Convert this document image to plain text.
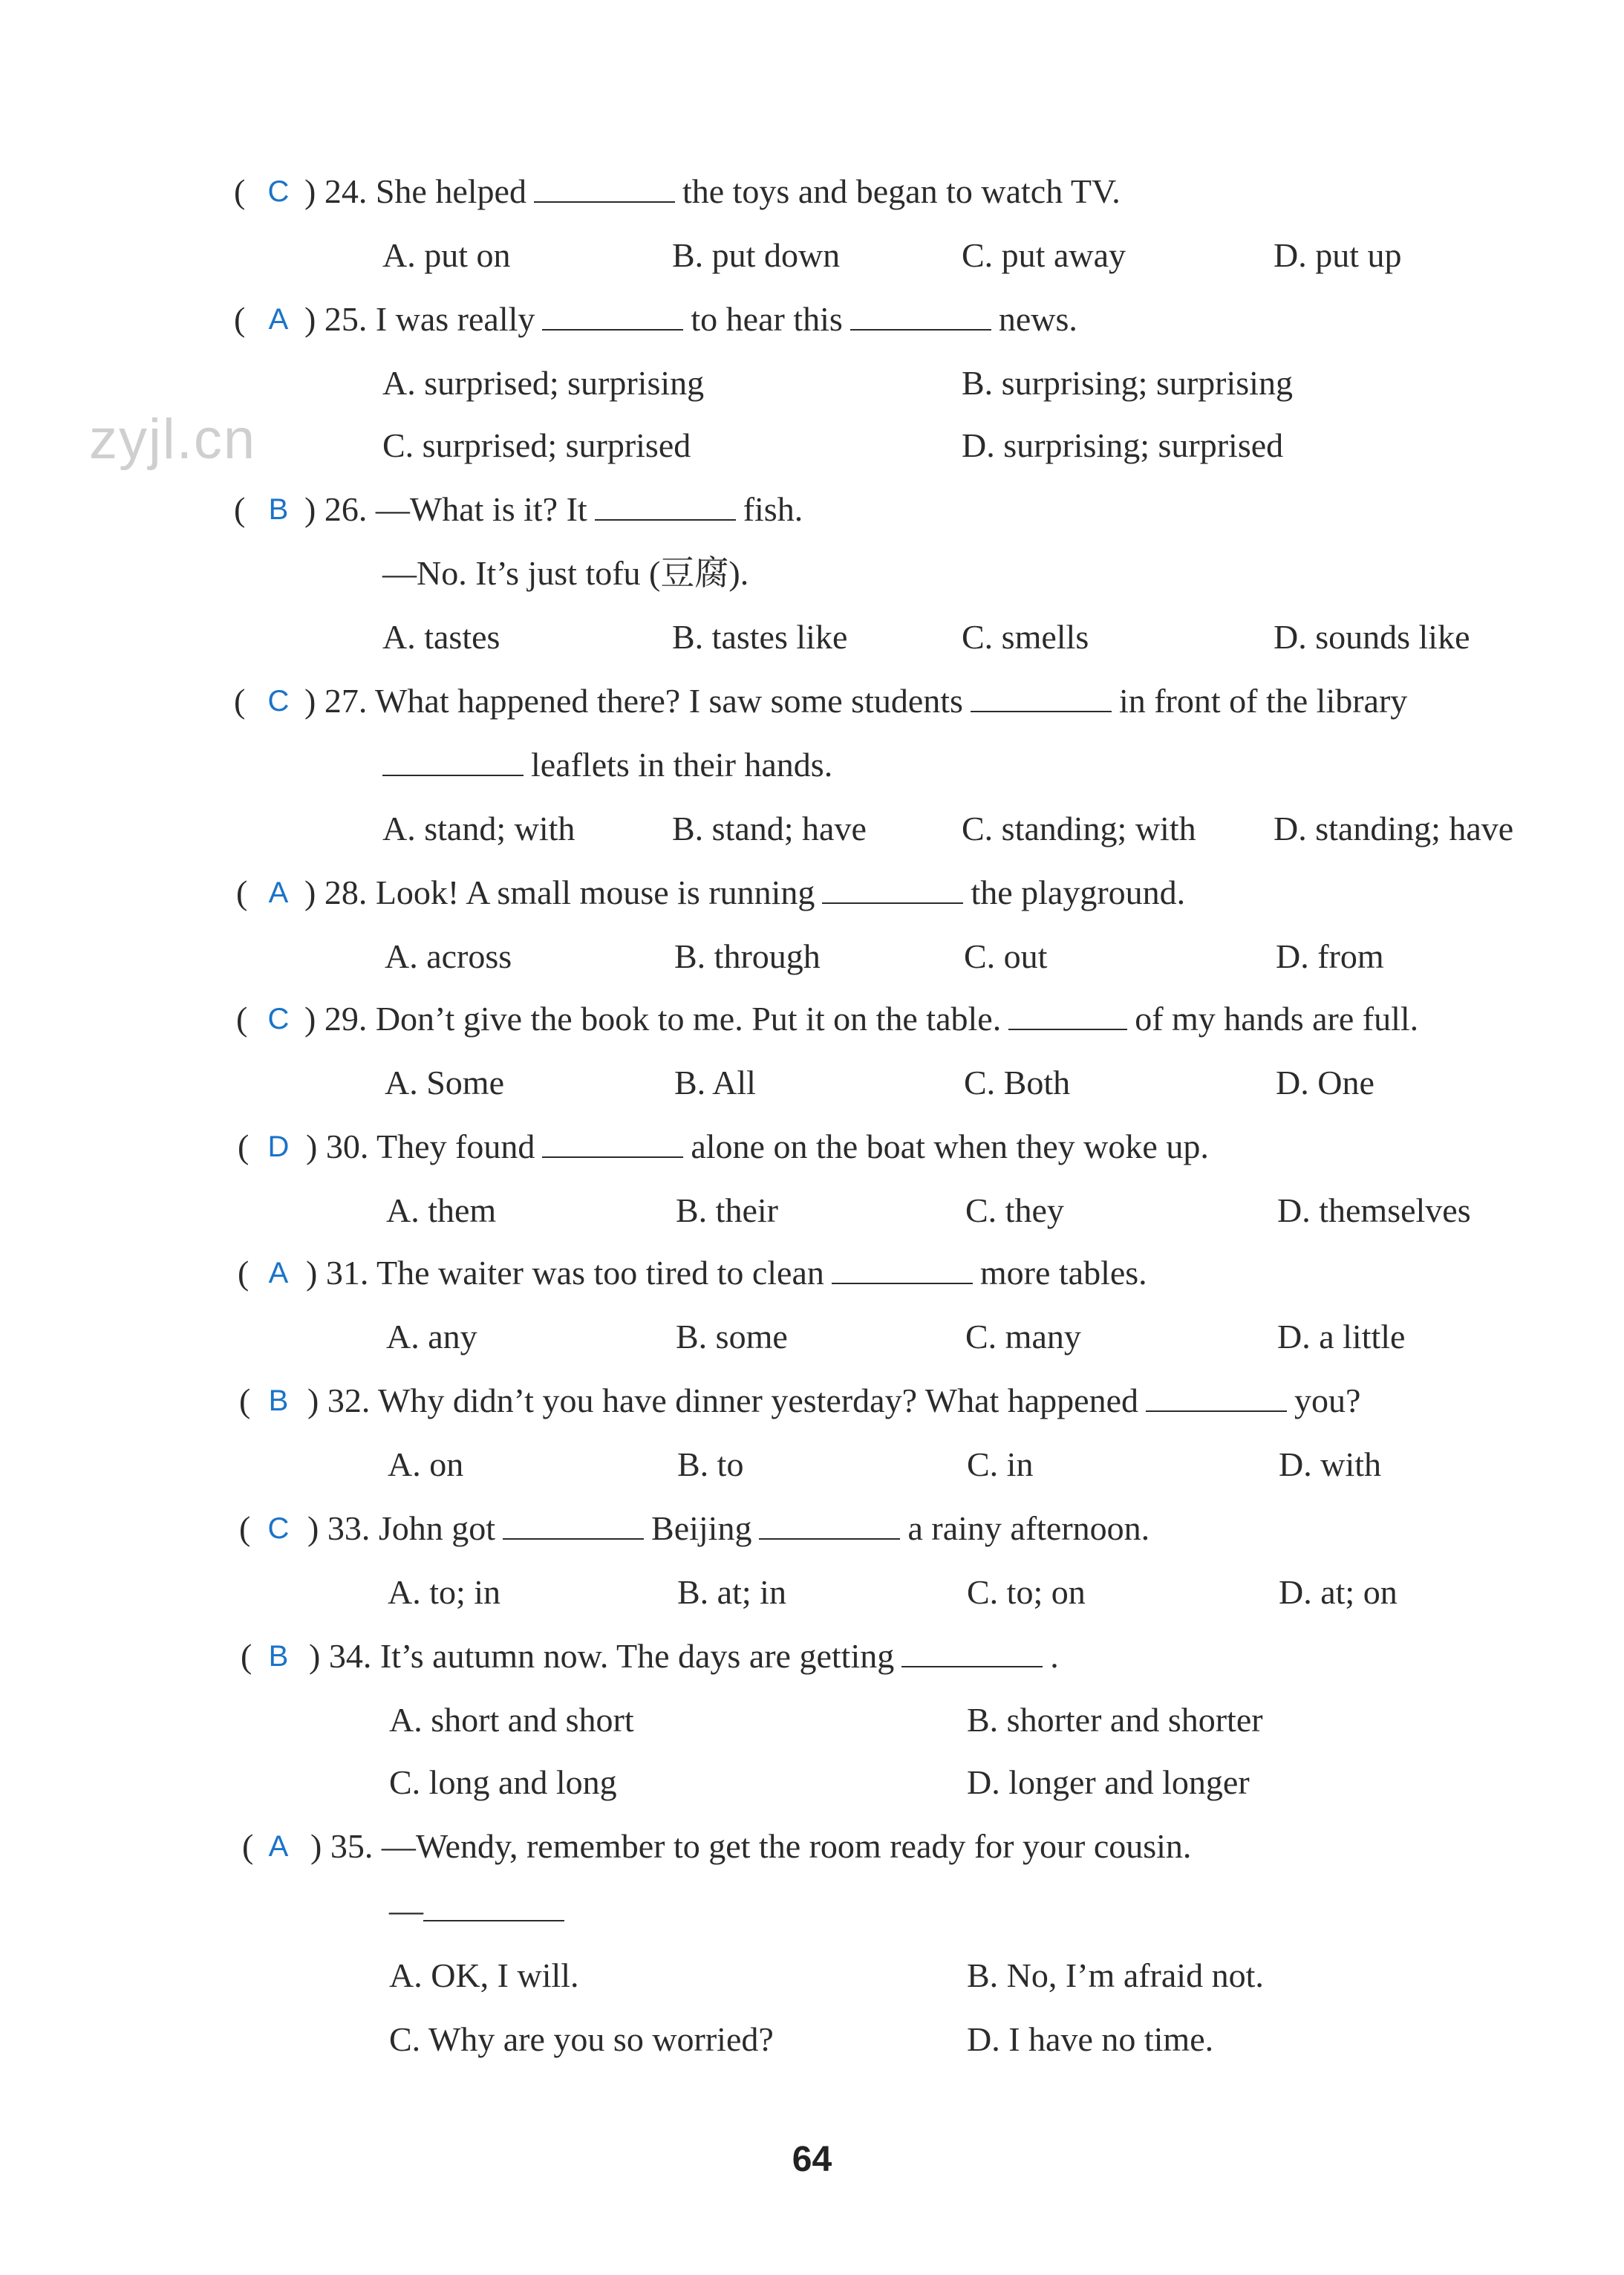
zyjl.cn
( C ) 24. She helped	the toys and began to watch TV.
A. put on	B. put down	C. put away	D. put up
( A ) 25. I was really	to hear this	news.
A. surprised; surprising	B. surprising; surprising
C. surprised; surprised	D. surprising; surprised
( B ) 26. —What is it? It	fish.
—No. It’s just tofu (豆腐).
A. tastes	B. tastes like	C. smells	D. sounds like
( C ) 27. What happened there? I saw some students	in front of the library
leaflets in their hands.
A. stand; with	B. stand; have	C. standing; with D. standing; have
( A ) 28. Look! A small mouse is running	the playground.
A. across	B. through	C. out	D. from
( C ) 29. Don’t give the book to me. Put it on the table.	of my hands are full.
A. Some	B. All	C. Both	D. One
( D ) 30. They found	alone on the boat when they woke up.
A. them	B. their	C. they	D. themselves
( A ) 31. The waiter was too tired to clean	more tables.
A. any	B. some	C. many	D. a little
( B ) 32. Why didn’t you have dinner yesterday? What happened	you?
A. on	B. to	C. in	D. with
( C ) 33. John got	Beijing	a rainy afternoon.
A. to; in	B. at; in	C. to; on	D. at; on
( B ) 34. It’s autumn now. The days are getting	.
A. short and short	B. shorter and shorter
C. long and long	D. longer and longer
( A ) 35. —Wendy, remember to get the room ready for your cousin.
—
A. OK, I will.	B. No, I’m afraid not.
C. Why are you so worried?	D. I have no time.
64
